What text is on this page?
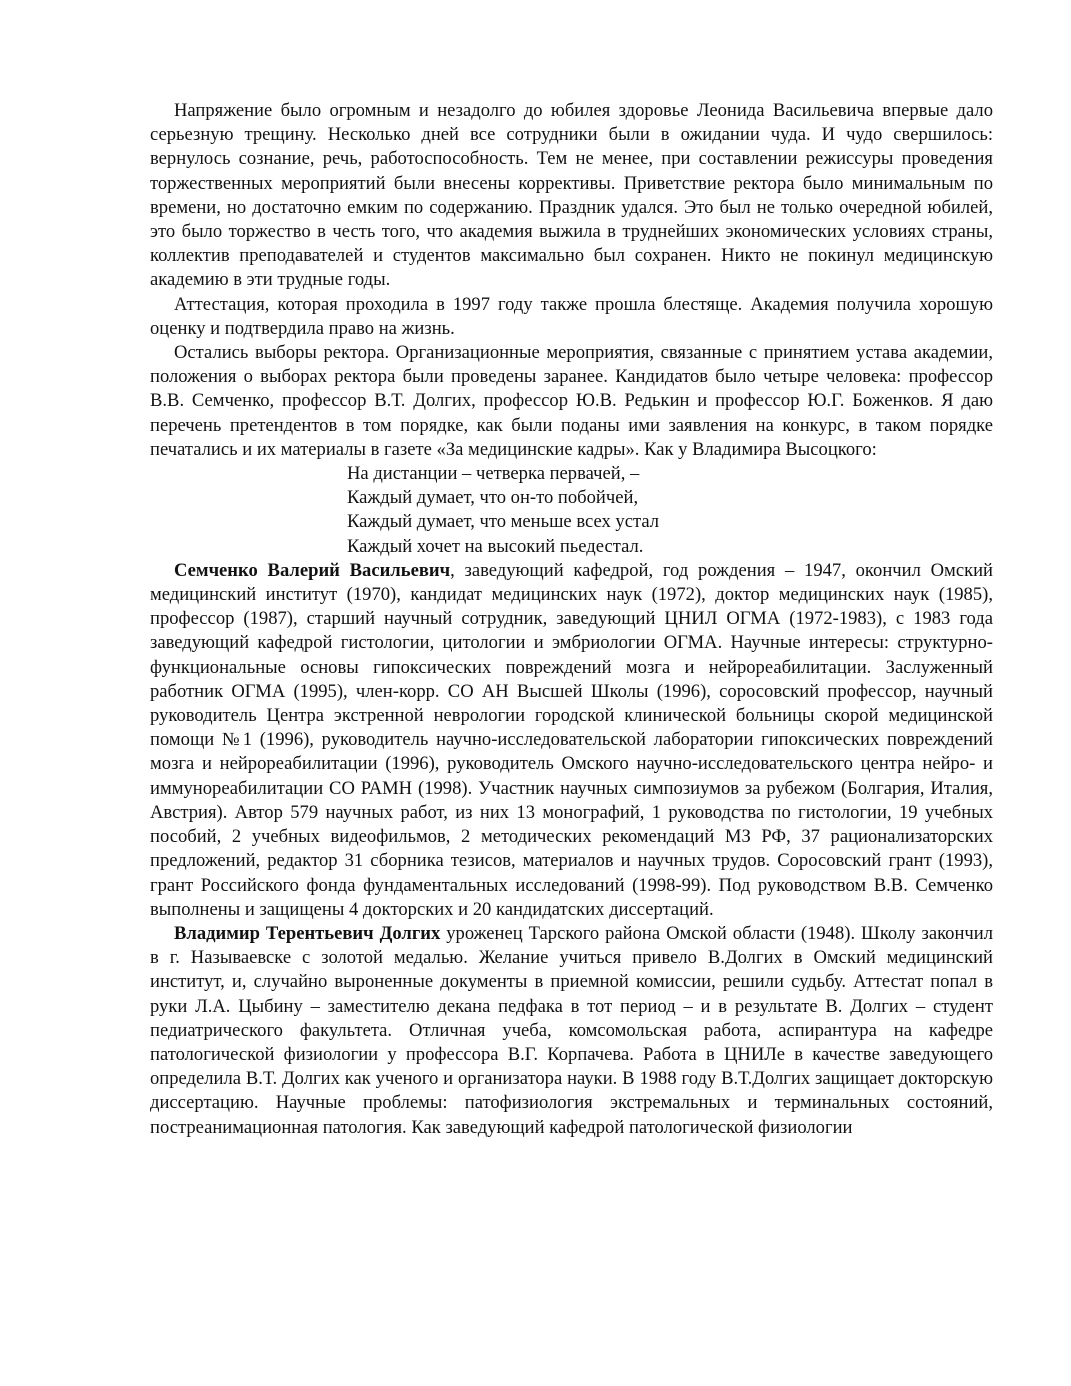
Напряжение было огромным и незадолго до юбилея здоровье Леонида Васильевича впервые дало серьезную трещину. Несколько дней все сотрудники были в ожидании чуда. И чудо свершилось: вернулось сознание, речь, работоспособность. Тем не менее, при составлении режиссуры проведения торжественных мероприятий были внесены коррективы. Приветствие ректора было минимальным по времени, но достаточно емким по содержанию. Праздник удался. Это был не только очередной юбилей, это было торжество в честь того, что академия выжила в труднейших экономических условиях страны, коллектив преподавателей и студентов максимально был сохранен. Никто не покинул медицинскую академию в эти трудные годы.

Аттестация, которая проходила в 1997 году также прошла блестяще. Академия получила хорошую оценку и подтвердила право на жизнь.

Остались выборы ректора. Организационные мероприятия, связанные с принятием устава академии, положения о выборах ректора были проведены заранее. Кандидатов было четыре человека: профессор В.В. Семченко, профессор В.Т. Долгих, профессор Ю.В. Редькин и профессор Ю.Г. Боженков. Я даю перечень претендентов в том порядке, как были поданы ими заявления на конкурс, в таком порядке печатались и их материалы в газете «За медицинские кадры». Как у Владимира Высоцкого:

На дистанции – четверка первачей, –
Каждый думает, что он-то побойчей,
Каждый думает, что меньше всех устал
Каждый хочет на высокий пьедестал.

Семченко Валерий Васильевич, заведующий кафедрой, год рождения – 1947, окончил Омский медицинский институт (1970), кандидат медицинских наук (1972), доктор медицинских наук (1985), профессор (1987), старший научный сотрудник, заведующий ЦНИЛ ОГМА (1972-1983), с 1983 года заведующий кафедрой гистологии, цитологии и эмбриологии ОГМА. Научные интересы: структурно-функциональные основы гипоксических повреждений мозга и нейрореабилитации. Заслуженный работник ОГМА (1995), член-корр. СО АН Высшей Школы (1996), соросовский профессор, научный руководитель Центра экстренной неврологии городской клинической больницы скорой медицинской помощи №1 (1996), руководитель научно-исследовательской лаборатории гипоксических повреждений мозга и нейрореабилитации (1996), руководитель Омского научно-исследовательского центра нейро- и иммунореабилитации СО РАМН (1998). Участник научных симпозиумов за рубежом (Болгария, Италия, Австрия). Автор 579 научных работ, из них 13 монографий, 1 руководства по гистологии, 19 учебных пособий, 2 учебных видеофильмов, 2 методических рекомендаций МЗ РФ, 37 рационализаторских предложений, редактор 31 сборника тезисов, материалов и научных трудов. Соросовский грант (1993), грант Российского фонда фундаментальных исследований (1998-99). Под руководством В.В. Семченко выполнены и защищены 4 докторских и 20 кандидатских диссертаций.

Владимир Терентьевич Долгих уроженец Тарского района Омской области (1948). Школу закончил в г. Называевске с золотой медалью. Желание учиться привело В.Долгих в Омский медицинский институт, и, случайно выроненные документы в приемной комиссии, решили судьбу. Аттестат попал в руки Л.А. Цыбину – заместителю декана педфака в тот период – и в результате В. Долгих – студент педиатрического факультета. Отличная учеба, комсомольская работа, аспирантура на кафедре патологической физиологии у профессора В.Г. Корпачева. Работа в ЦНИЛе в качестве заведующего определила В.Т. Долгих как ученого и организатора науки. В 1988 году В.Т.Долгих защищает докторскую диссертацию. Научные проблемы: патофизиология экстремальных и терминальных состояний, постреанимационная патология. Как заведующий кафедрой патологической физиологии
